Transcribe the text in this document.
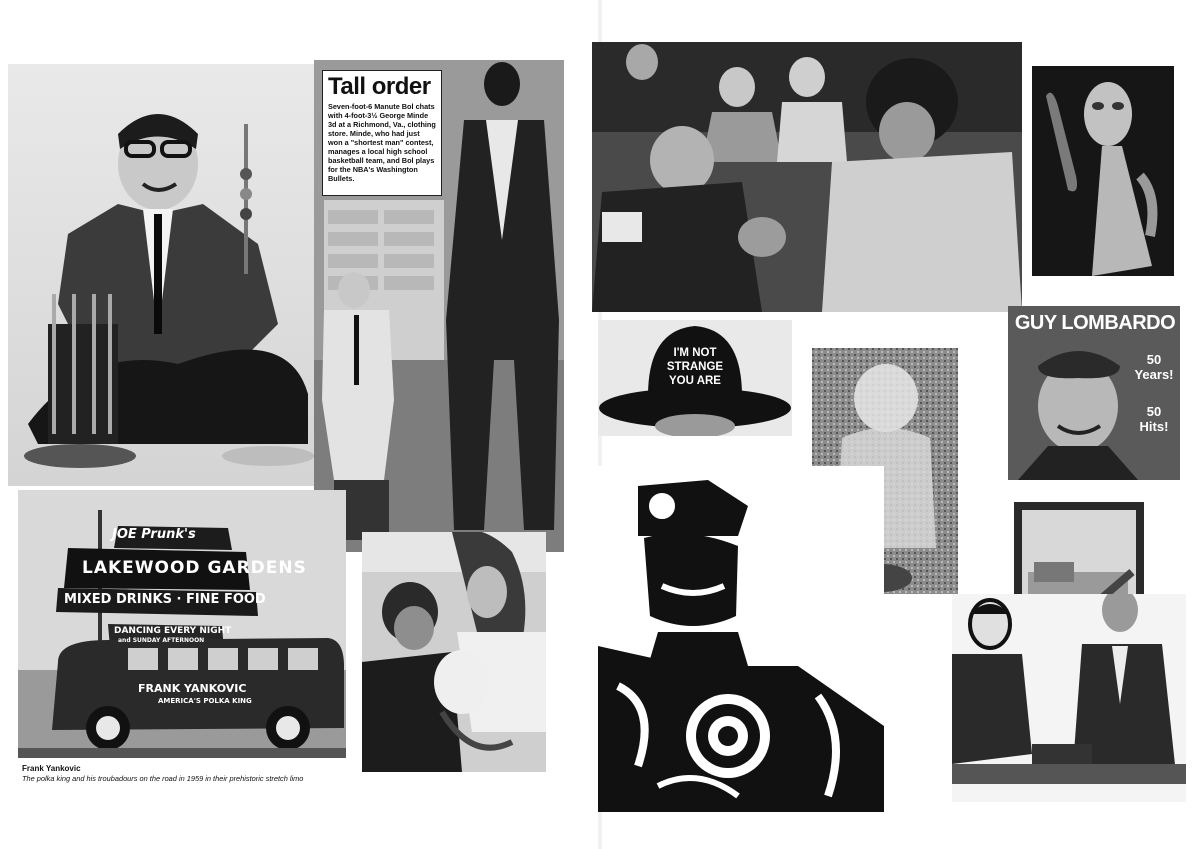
Tall order
Seven-foot-6 Manute Bol chats with 4-foot-3½ George Minde 3d at a Richmond, Va., clothing store. Minde, who had just won a "shortest man" contest, manages a local high school basketball team, and Bol plays for the NBA's Washington Bullets.
JOE Prunk's
LAKEWOOD GARDENS
MIXED DRINKS · FINE FOOD
DANCING EVERY NIGHT
and SUNDAY AFTERNOON
FRANK YANKOVIC
AMERICA'S POLKA KING
Frank Yankovic
The polka king and his troubadours on the road in 1959 in their prehistoric stretch limo
I'M NOT
STRANGE
YOU ARE
GUY LOMBARDO
50
Years!
50
Hits!
